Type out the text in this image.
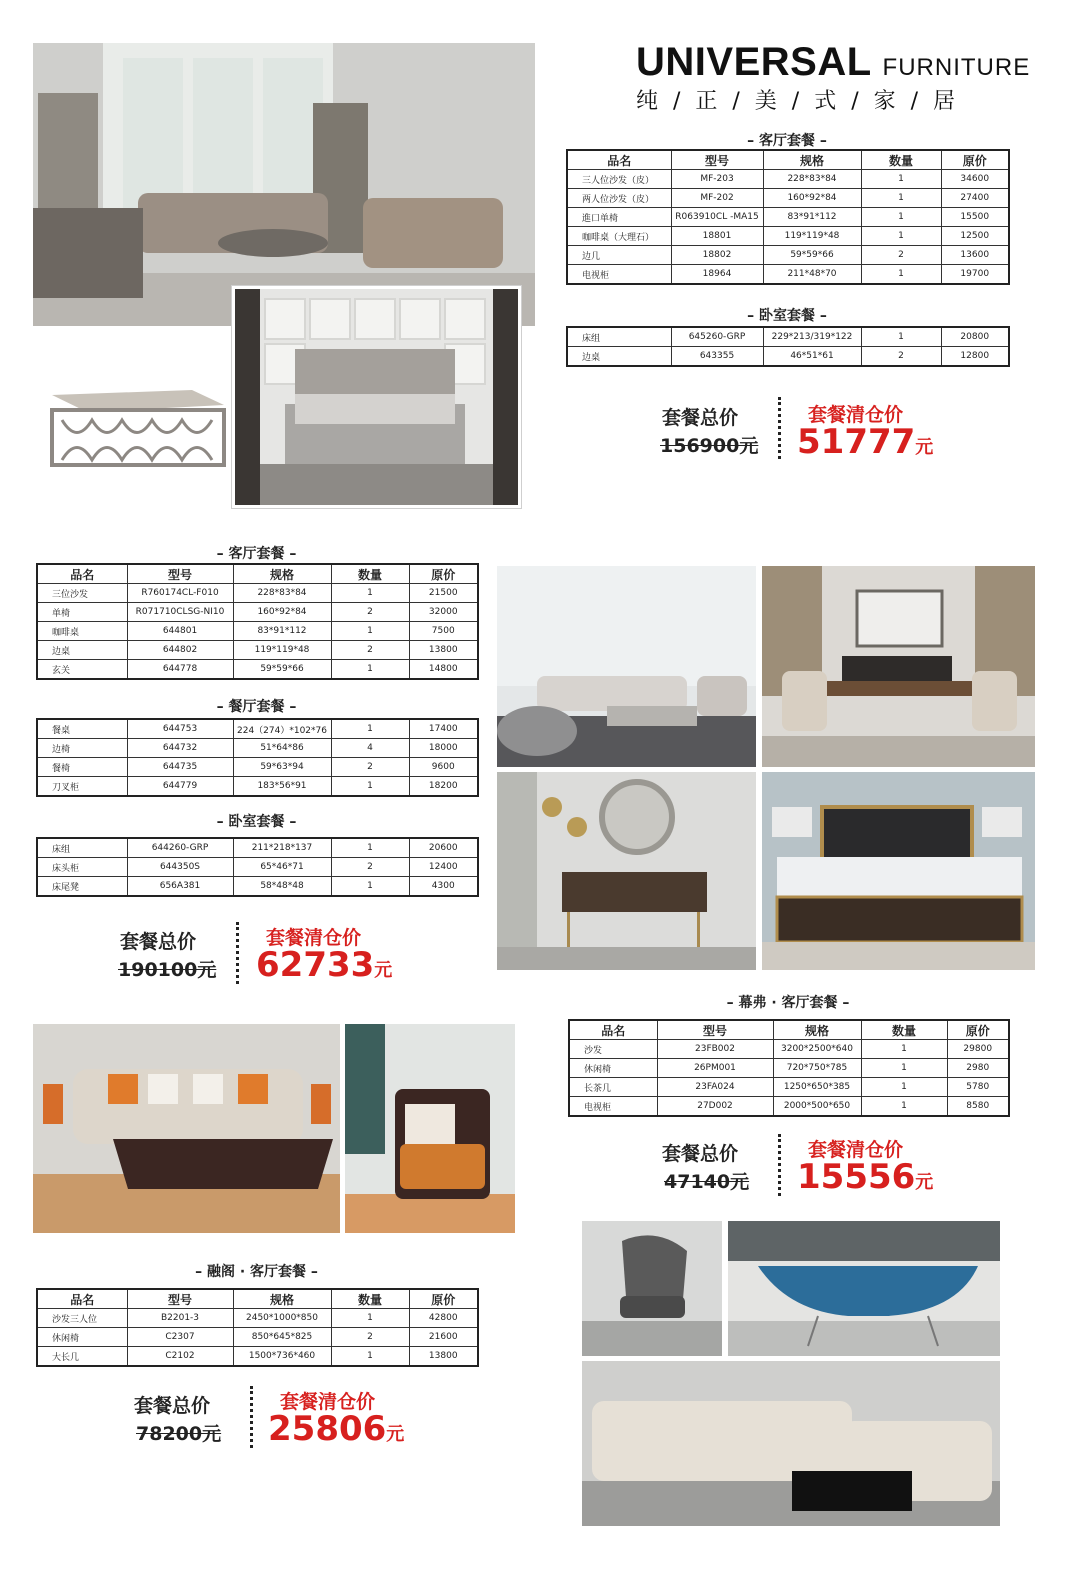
UNIVERSAL FURNITURE
纯 / 正 / 美 / 式 / 家 / 居
– 客厅套餐 –
品名	型号	规格	数量	原价
三人位沙发（皮）	MF-203	228*83*84	1	34600
两人位沙发（皮）	MF-202	160*92*84	1	27400
進口单椅	R063910CL -MA15	83*91*112	1	15500
咖啡桌（大理石）	18801	119*119*48	1	12500
边几	18802	59*59*66	2	13600
电视柜	18964	211*48*70	1	19700
– 卧室套餐 –
床组	645260-GRP	229*213/319*122	1	20800
边桌	643355	46*51*61	2	12800
套餐总价
156900元
套餐清仓价
51777元
– 客厅套餐 –
品名	型号	规格	数量	原价
三位沙发	R760174CL-F010	228*83*84	1	21500
单椅	R071710CLSG-NI10	160*92*84	2	32000
咖啡桌	644801	83*91*112	1	7500
边桌	644802	119*119*48	2	13800
玄关	644778	59*59*66	1	14800
– 餐厅套餐 –
餐桌	644753	224（274）*102*76	1	17400
边椅	644732	51*64*86	4	18000
餐椅	644735	59*63*94	2	9600
刀叉柜	644779	183*56*91	1	18200
– 卧室套餐 –
床组	644260-GRP	211*218*137	1	20600
床头柜	644350S	65*46*71	2	12400
床尾凳	656A381	58*48*48	1	4300
套餐总价
190100元
套餐清仓价
62733元
– 幕弗 · 客厅套餐 –
品名	型号	规格	数量	原价
沙发	23FB002	3200*2500*640	1	29800
休闲椅	26PM001	720*750*785	1	2980
长茶几	23FA024	1250*650*385	1	5780
电视柜	27D002	2000*500*650	1	8580
套餐总价
47140元
套餐清仓价
15556元
– 融阁 · 客厅套餐 –
品名	型号	规格	数量	原价
沙发三人位	B2201-3	2450*1000*850	1	42800
休闲椅	C2307	850*645*825	2	21600
大长几	C2102	1500*736*460	1	13800
套餐总价
78200元
套餐清仓价
25806元
